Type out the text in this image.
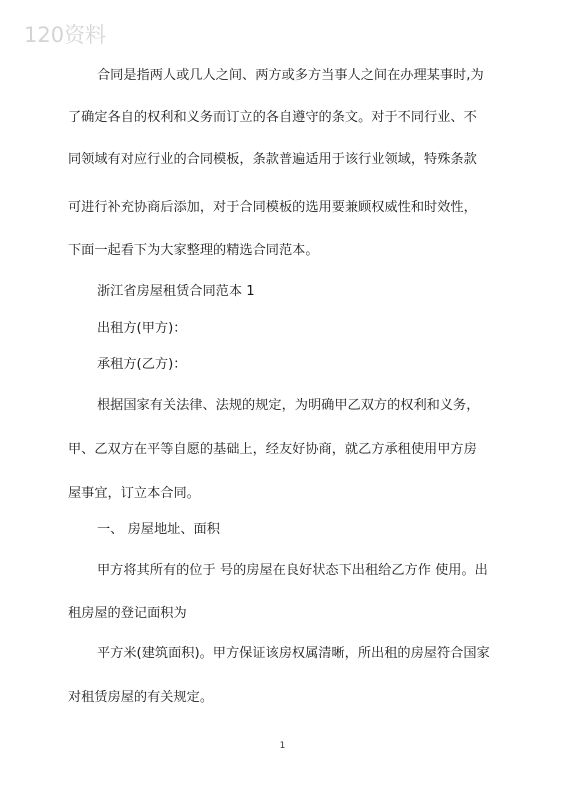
120资料
合同是指两人或几人之间、两方或多方当事人之间在办理某事时,为
了确定各自的权利和义务而订立的各自遵守的条文。对于不同行业、不
同领域有对应行业的合同模板，条款普遍适用于该行业领域，特殊条款
可进行补充协商后添加，对于合同模板的选用要兼顾权威性和时效性，
下面一起看下为大家整理的精选合同范本。
浙江省房屋租赁合同范本 1
出租方(甲方)：
承租方(乙方)：
根据国家有关法律、法规的规定，为明确甲乙双方的权利和义务，
甲、乙双方在平等自愿的基础上，经友好协商，就乙方承租使用甲方房
屋事宜，订立本合同。
一、 房屋地址、面积
甲方将其所有的位于 号的房屋在良好状态下出租给乙方作 使用。出
租房屋的登记面积为
平方米(建筑面积)。甲方保证该房权属清晰，所出租的房屋符合国家
对租赁房屋的有关规定。
1
